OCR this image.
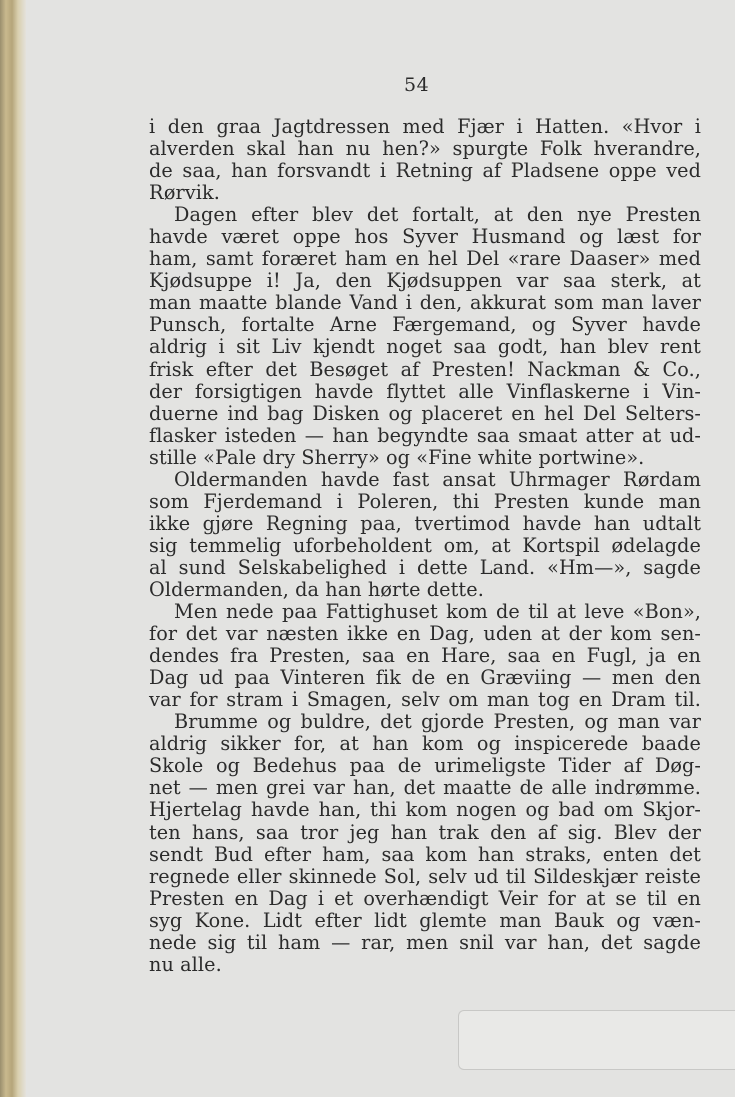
54
i den graa Jagtdressen med Fjær i Hatten. «Hvor i
alverden skal han nu hen?» spurgte Folk hverandre,
de saa, han forsvandt i Retning af Pladsene oppe ved
Rørvik.
Dagen efter blev det fortalt, at den nye Presten
havde været oppe hos Syver Husmand og læst for
ham, samt foræret ham en hel Del «rare Daaser» med
Kjødsuppe i! Ja, den Kjødsuppen var saa sterk, at
man maatte blande Vand i den, akkurat som man laver
Punsch, fortalte Arne Færgemand, og Syver havde
aldrig i sit Liv kjendt noget saa godt, han blev rent
frisk efter det Besøget af Presten! Nackman & Co.,
der forsigtigen havde flyttet alle Vinflaskerne i Vin-
duerne ind bag Disken og placeret en hel Del Selters-
flasker isteden — han begyndte saa smaat atter at ud-
stille «Pale dry Sherry» og «Fine white portwine».
Oldermanden havde fast ansat Uhrmager Rørdam
som Fjerdemand i Poleren, thi Presten kunde man
ikke gjøre Regning paa, tvertimod havde han udtalt
sig temmelig uforbeholdent om, at Kortspil ødelagde
al sund Selskabelighed i dette Land. «Hm—», sagde
Oldermanden, da han hørte dette.
Men nede paa Fattighuset kom de til at leve «Bon»,
for det var næsten ikke en Dag, uden at der kom sen-
dendes fra Presten, saa en Hare, saa en Fugl, ja en
Dag ud paa Vinteren fik de en Græviing — men den
var for stram i Smagen, selv om man tog en Dram til.
Brumme og buldre, det gjorde Presten, og man var
aldrig sikker for, at han kom og inspicerede baade
Skole og Bedehus paa de urimeligste Tider af Døg-
net — men grei var han, det maatte de alle indrømme.
Hjertelag havde han, thi kom nogen og bad om Skjor-
ten hans, saa tror jeg han trak den af sig. Blev der
sendt Bud efter ham, saa kom han straks, enten det
regnede eller skinnede Sol, selv ud til Sildeskjær reiste
Presten en Dag i et overhændigt Veir for at se til en
syg Kone. Lidt efter lidt glemte man Bauk og væn-
nede sig til ham — rar, men snil var han, det sagde
nu alle.
